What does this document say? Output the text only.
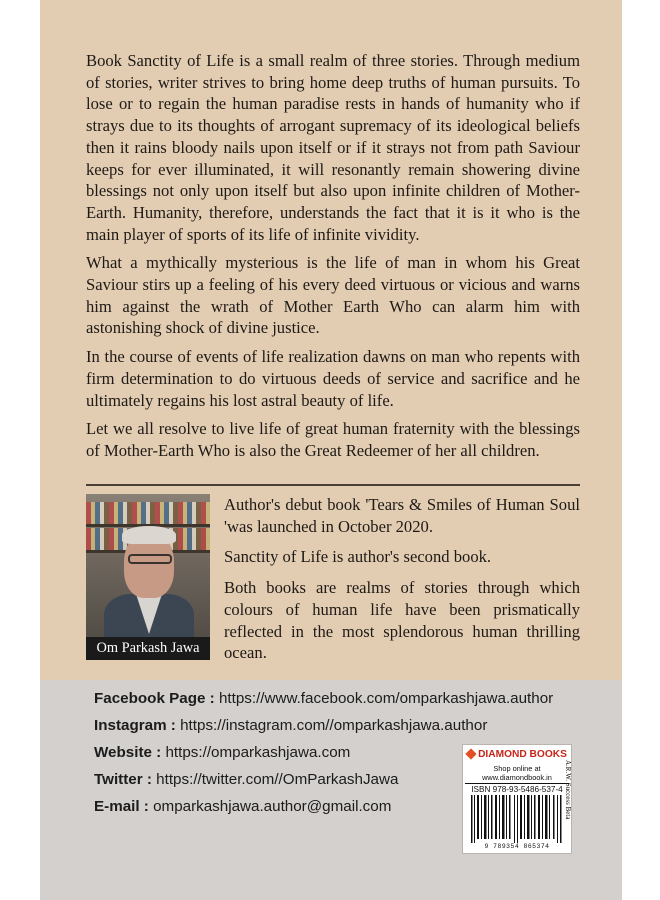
Book Sanctity of Life is a small realm of three stories. Through medium of stories, writer strives to bring home deep truths of human pursuits. To lose or to regain the human paradise rests in hands of humanity who if strays due to its thoughts of arrogant supremacy of its ideological beliefs then it rains bloody nails upon itself or if it strays not from path Saviour keeps for ever illuminated, it will resonantly remain showering divine blessings not only upon itself but also upon infinite children of Mother-Earth. Humanity, therefore, understands the fact that it is it who is the main player of sports of its life of infinite vividity.

What a mythically mysterious is the life of man in whom his Great Saviour stirs up a feeling of his every deed virtuous or vicious and warns him against the wrath of Mother Earth Who can alarm him with astonishing shock of divine justice.

In the course of events of life realization dawns on man who repents with firm determination to do virtuous deeds of service and sacrifice and he ultimately regains his lost astral beauty of life.

Let we all resolve to live life of great human fraternity with the blessings of Mother-Earth Who is also the Great Redeemer of her all children.

Om Parkash Jawa

Author's debut book 'Tears & Smiles of Human Soul 'was launched in October 2020.

Sanctity of Life is author's second book.

Both books are realms of stories through which colours of human life have been prismatically reflected in the most splendorous human thrilling ocean.

Facebook Page : https://www.facebook.com/omparkashjawa.author
Instagram : https://instagram.com//omparkashjawa.author
Website : https://omparkashjawa.com
Twitter : https://twitter.com//OmParkashJawa
E-mail : omparkashjawa.author@gmail.com
DIAMOND BOOKS
Shop online at www.diamondbook.in
ISBN 978-93-5486-537-4
9 789354 865374
A.R.W. Success Beta
